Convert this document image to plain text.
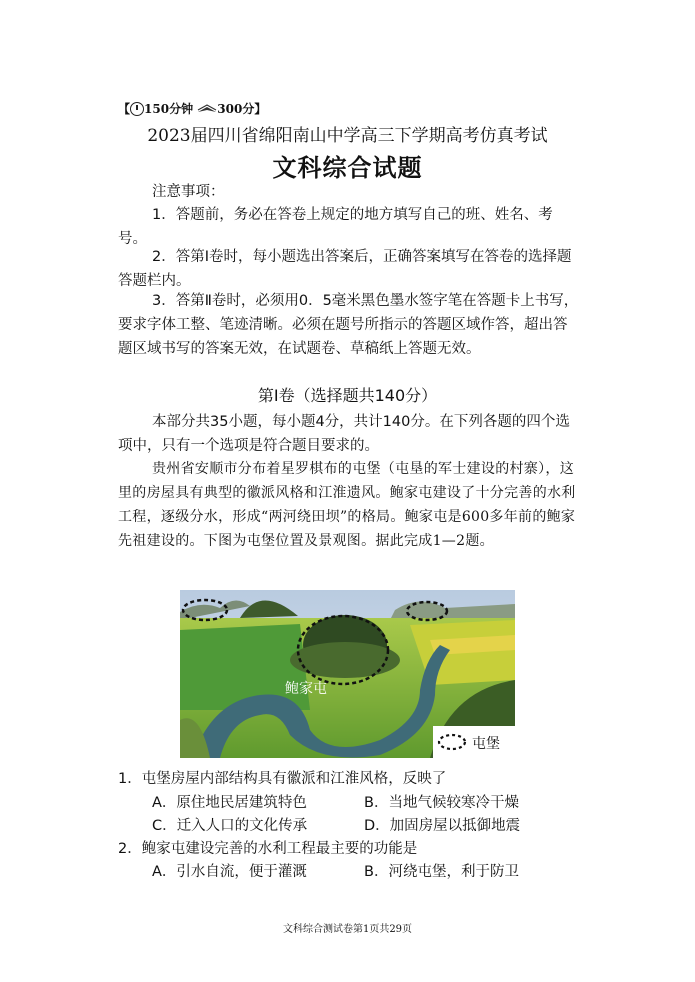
【 150分钟 300分】
2023届四川省绵阳南山中学高三下学期高考仿真考试
文科综合试题
注意事项：
1．答题前，务必在答卷上规定的地方填写自己的班、姓名、考号。
2．答第Ⅰ卷时，每小题选出答案后，正确答案填写在答卷的选择题答题栏内。
3．答第Ⅱ卷时，必须用0．5毫米黑色墨水签字笔在答题卡上书写，要求字体工整、笔迹清晰。必须在题号所指示的答题区域作答，超出答题区域书写的答案无效，在试题卷、草稿纸上答题无效。
第Ⅰ卷（选择题共140分）
本部分共35小题，每小题4分，共计140分。在下列各题的四个选项中，只有一个选项是符合题目要求的。
贵州省安顺市分布着星罗棋布的屯堡（屯垦的军士建设的村寨），这里的房屋具有典型的徽派风格和江淮遗风。鲍家屯建设了十分完善的水利工程，逐级分水，形成“两河绕田坝”的格局。鲍家屯是600多年前的鲍家先祖建设的。下图为屯堡位置及景观图。据此完成1—2题。
鲍家屯
屯堡
1．屯堡房屋内部结构具有徽派和江淮风格，反映了
A．原住地民居建筑特色	B．当地气候较寒冷干燥
C．迁入人口的文化传承	D．加固房屋以抵御地震
2．鲍家屯建设完善的水利工程最主要的功能是
A．引水自流，便于灌溉	B．河绕屯堡，利于防卫
文科综合测试卷第1页共29页
